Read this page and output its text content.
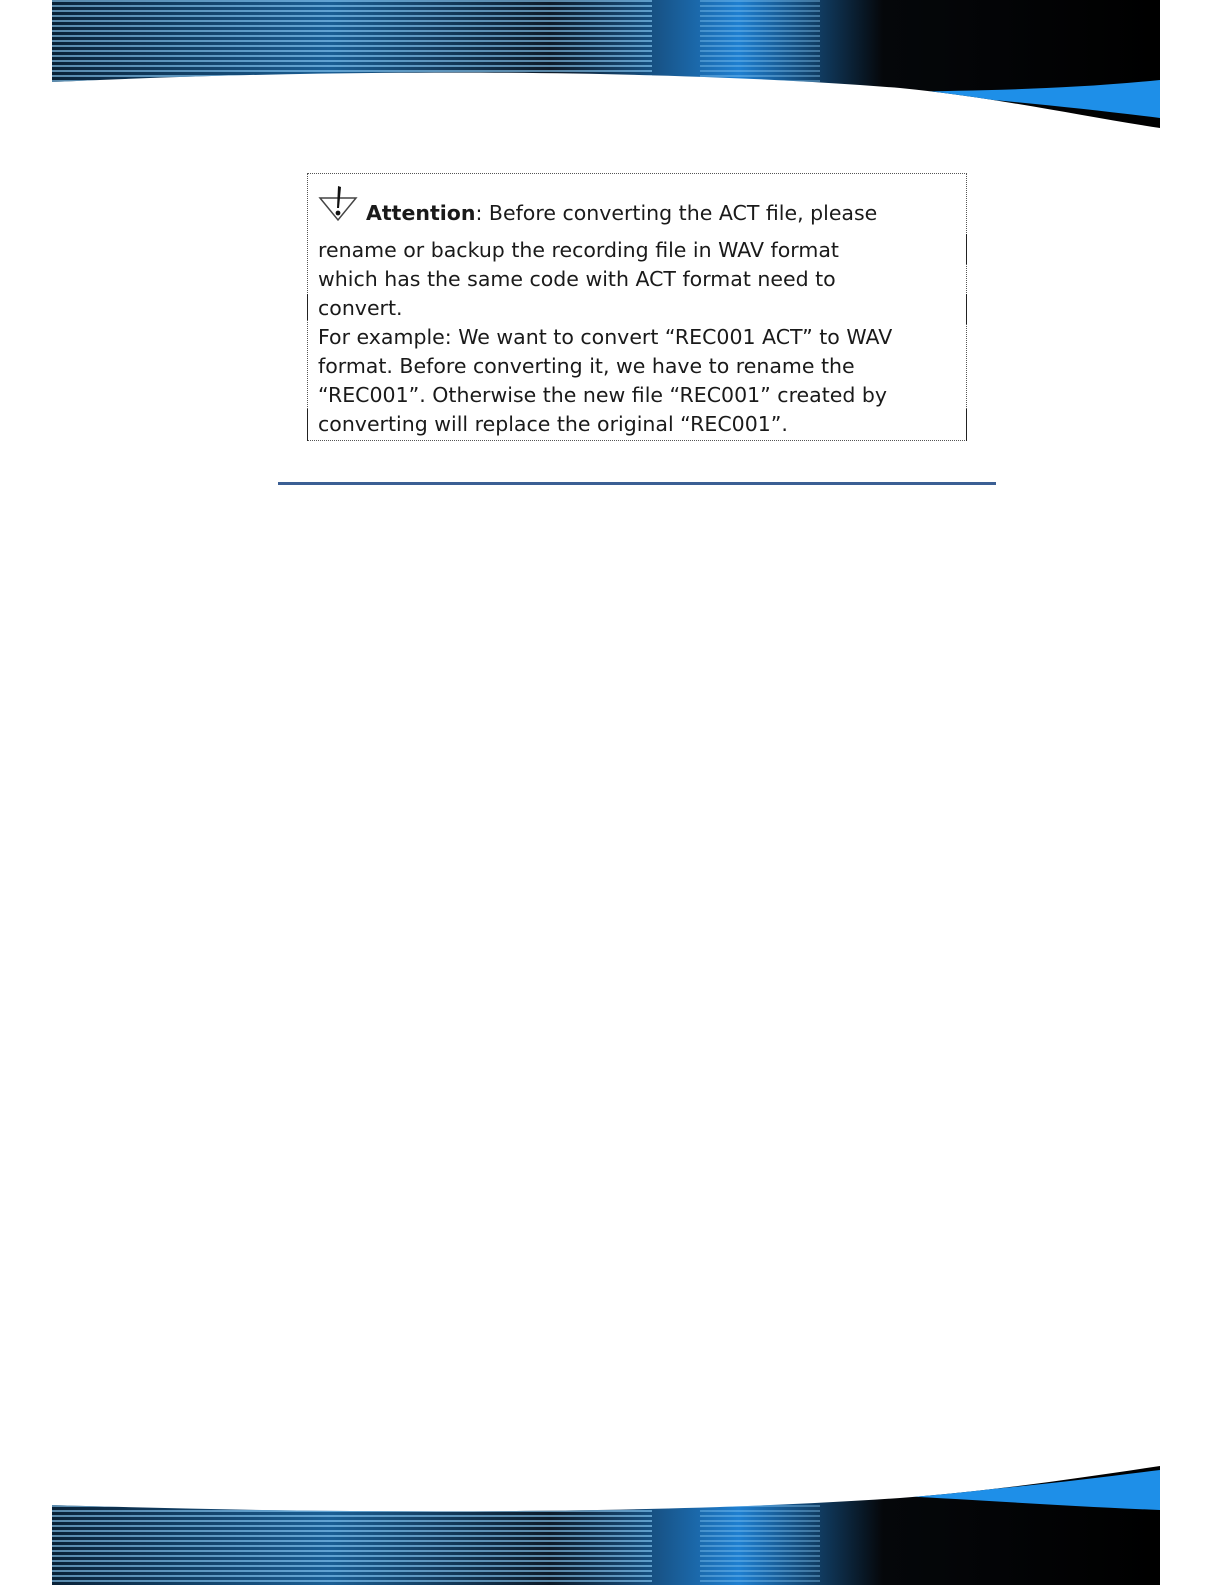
Attention: Before converting the ACT file, please

rename or backup the recording file in WAV format

which has the same code with ACT format need to

convert.

For example: We want to convert “REC001 ACT” to WAV

format. Before converting it, we have to rename the

“REC001”. Otherwise the new file “REC001” created by

converting will replace the original “REC001”.
